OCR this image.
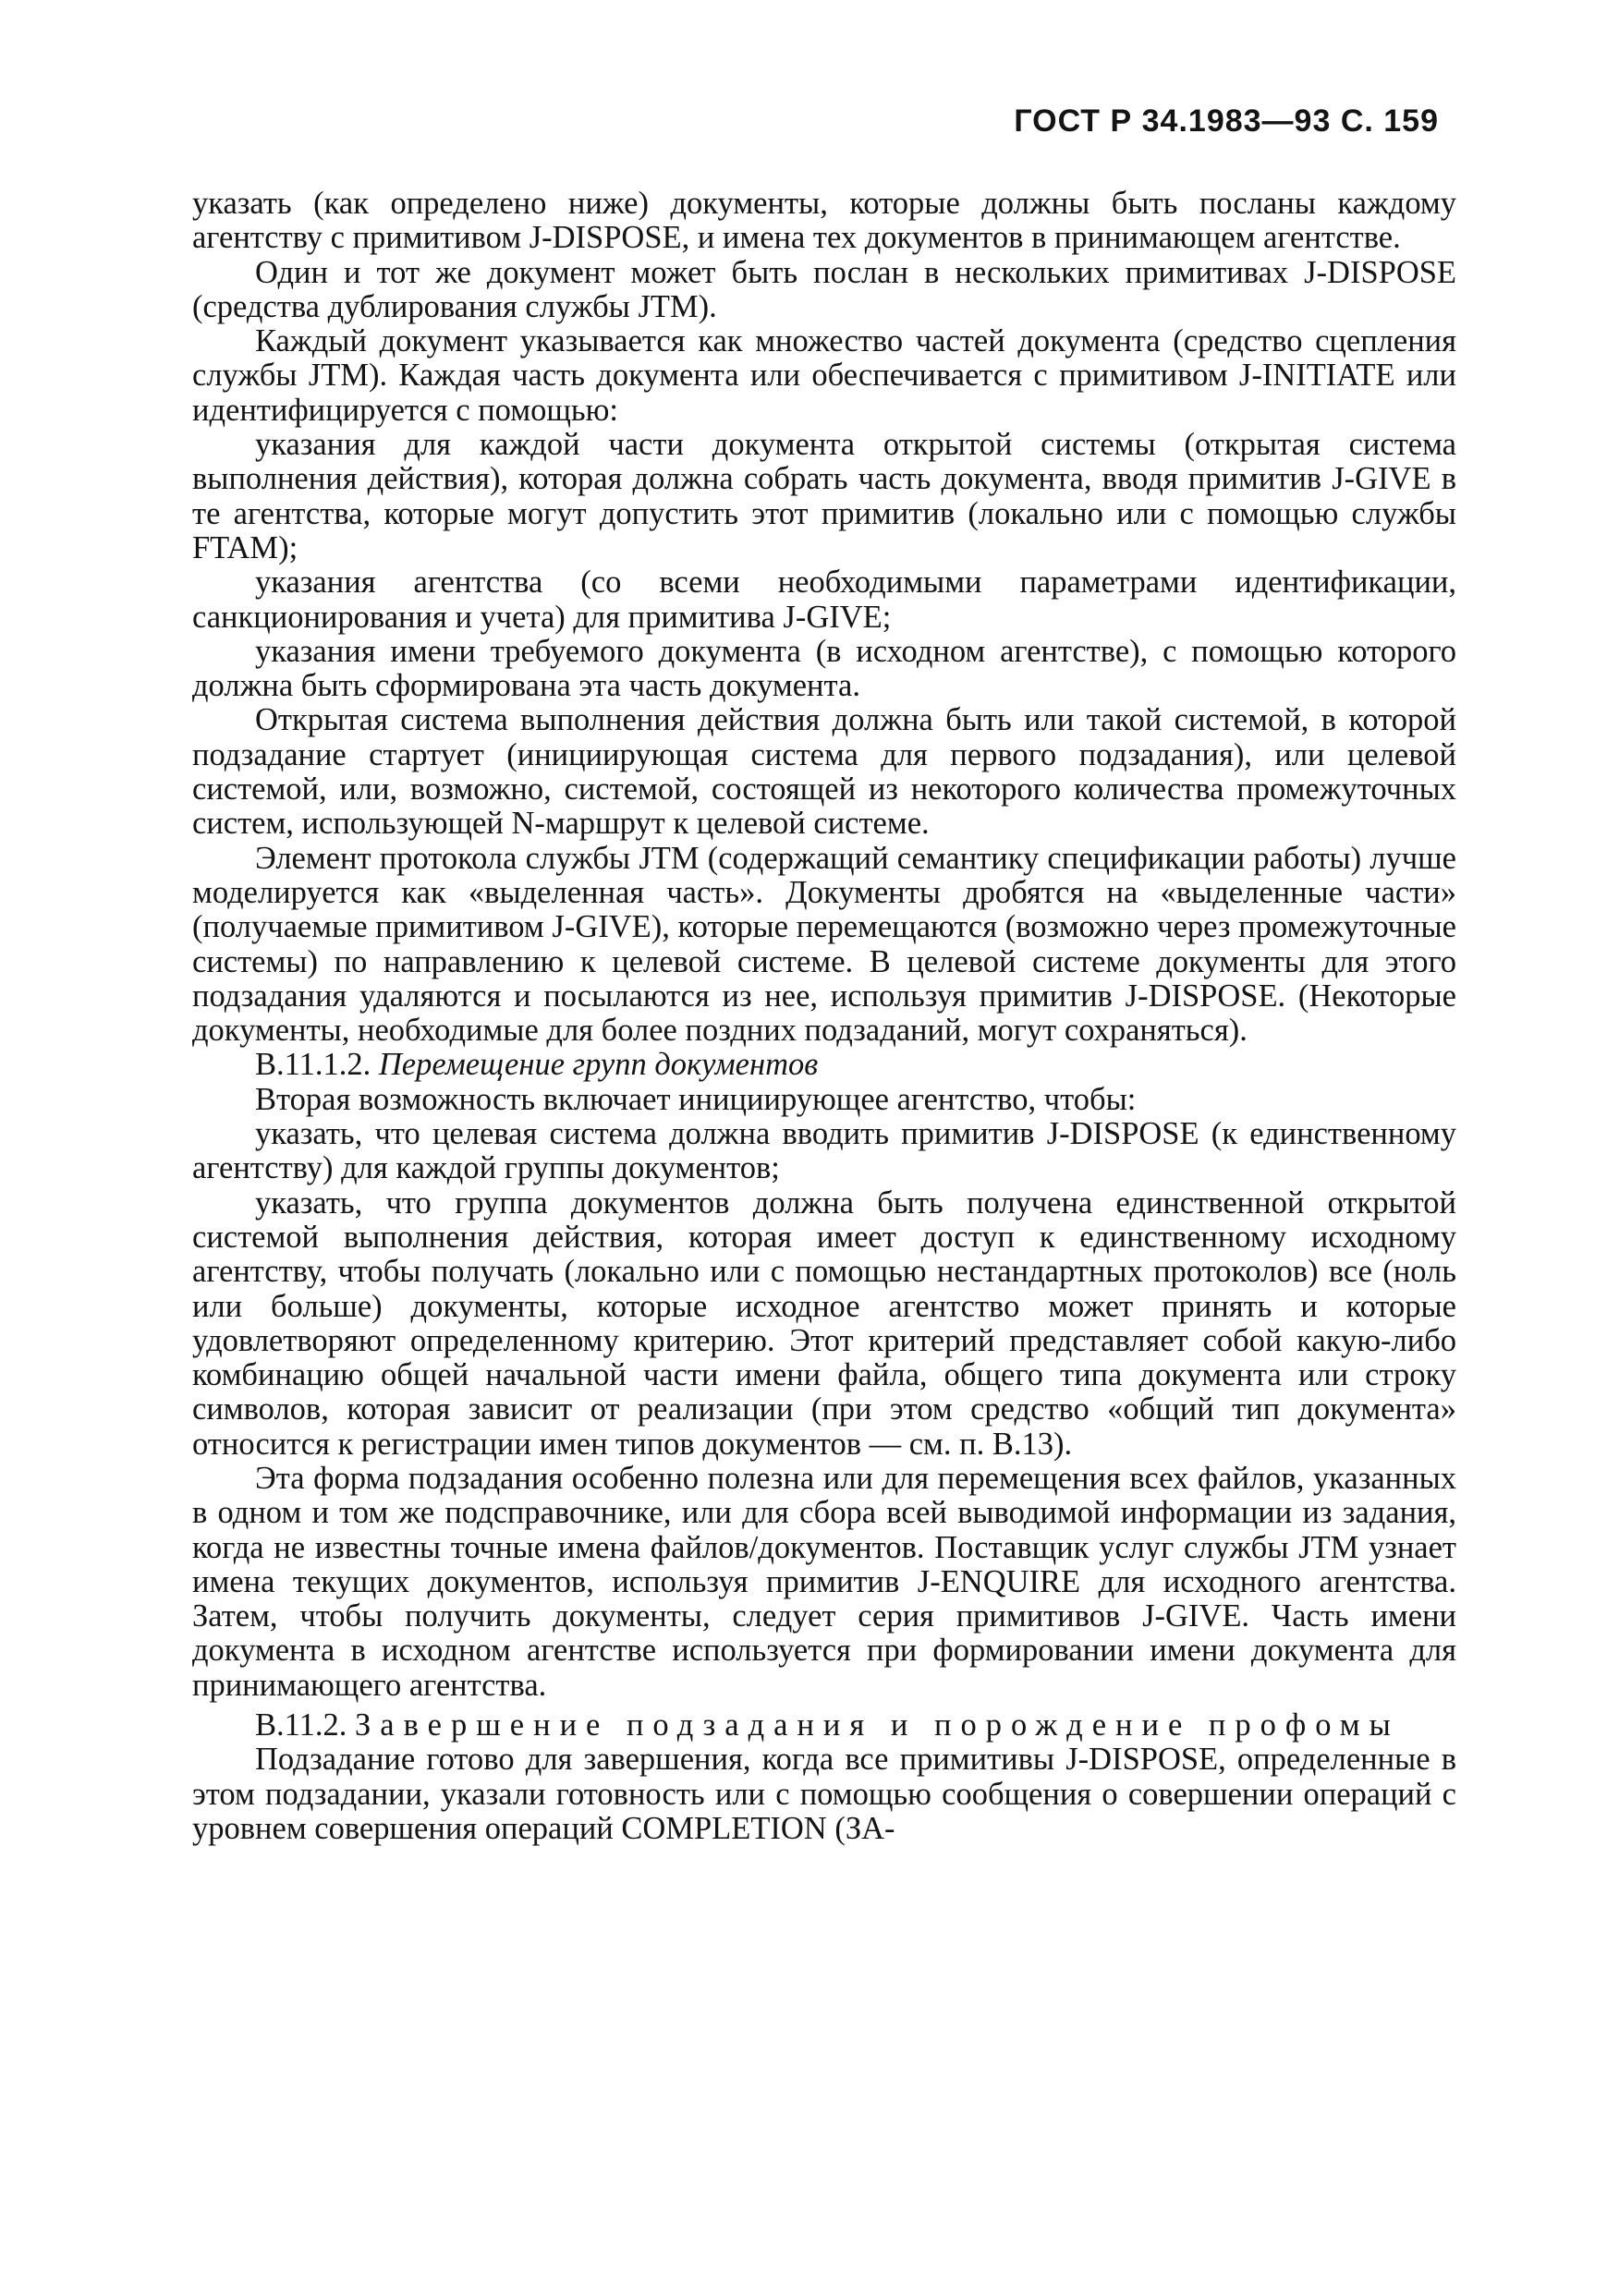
ГОСТ Р 34.1983—93 С. 159

указать (как определено ниже) документы, которые должны быть посланы каждому агентству с примитивом J-DISPOSE, и имена тех документов в принимающем агентстве.

Один и тот же документ может быть послан в нескольких примитивах J-DISPOSE (средства дублирования службы JTM).

Каждый документ указывается как множество частей документа (средство сцепления службы JTM). Каждая часть документа или обеспечивается с примитивом J-INITIATE или идентифицируется с помощью:

указания для каждой части документа открытой системы (открытая система выполнения действия), которая должна собрать часть документа, вводя примитив J-GIVE в те агентства, которые могут допустить этот примитив (локально или с помощью службы FTAM);

указания агентства (со всеми необходимыми параметрами идентификации, санкционирования и учета) для примитива J-GIVE;

указания имени требуемого документа (в исходном агентстве), с помощью которого должна быть сформирована эта часть документа.

Открытая система выполнения действия должна быть или такой системой, в которой подзадание стартует (инициирующая система для первого подзадания), или целевой системой, или, возможно, системой, состоящей из некоторого количества промежуточных систем, использующей N-маршрут к целевой системе.

Элемент протокола службы JTM (содержащий семантику спецификации работы) лучше моделируется как «выделенная часть». Документы дробятся на «выделенные части» (получаемые примитивом J-GIVE), которые перемещаются (возможно через промежуточные системы) по направлению к целевой системе. В целевой системе документы для этого подзадания удаляются и посылаются из нее, используя примитив J-DISPOSE. (Некоторые документы, необходимые для более поздних подзаданий, могут сохраняться).

В.11.1.2. Перемещение групп документов

Вторая возможность включает инициирующее агентство, чтобы:

указать, что целевая система должна вводить примитив J-DISPOSE (к единственному агентству) для каждой группы документов;

указать, что группа документов должна быть получена единственной открытой системой выполнения действия, которая имеет доступ к единственному исходному агентству, чтобы получать (локально или с помощью нестандартных протоколов) все (ноль или больше) документы, которые исходное агентство может принять и которые удовлетворяют определенному критерию. Этот критерий представляет собой какую-либо комбинацию общей начальной части имени файла, общего типа документа или строку символов, которая зависит от реализации (при этом средство «общий тип документа» относится к регистрации имен типов документов — см. п. В.13).

Эта форма подзадания особенно полезна или для перемещения всех файлов, указанных в одном и том же подсправочнике, или для сбора всей выводимой информации из задания, когда не известны точные имена файлов/документов. Поставщик услуг службы JTM узнает имена текущих документов, используя примитив J-ENQUIRE для исходного агентства. Затем, чтобы получить документы, следует серия примитивов J-GIVE. Часть имени документа в исходном агентстве используется при формировании имени документа для принимающего агентства.

В.11.2. Завершение подзадания и порождение профомы

Подзадание готово для завершения, когда все примитивы J-DISPOSE, определенные в этом подзадании, указали готовность или с помощью сообщения о совершении операций с уровнем совершения операций COMPLETION (ЗА-
